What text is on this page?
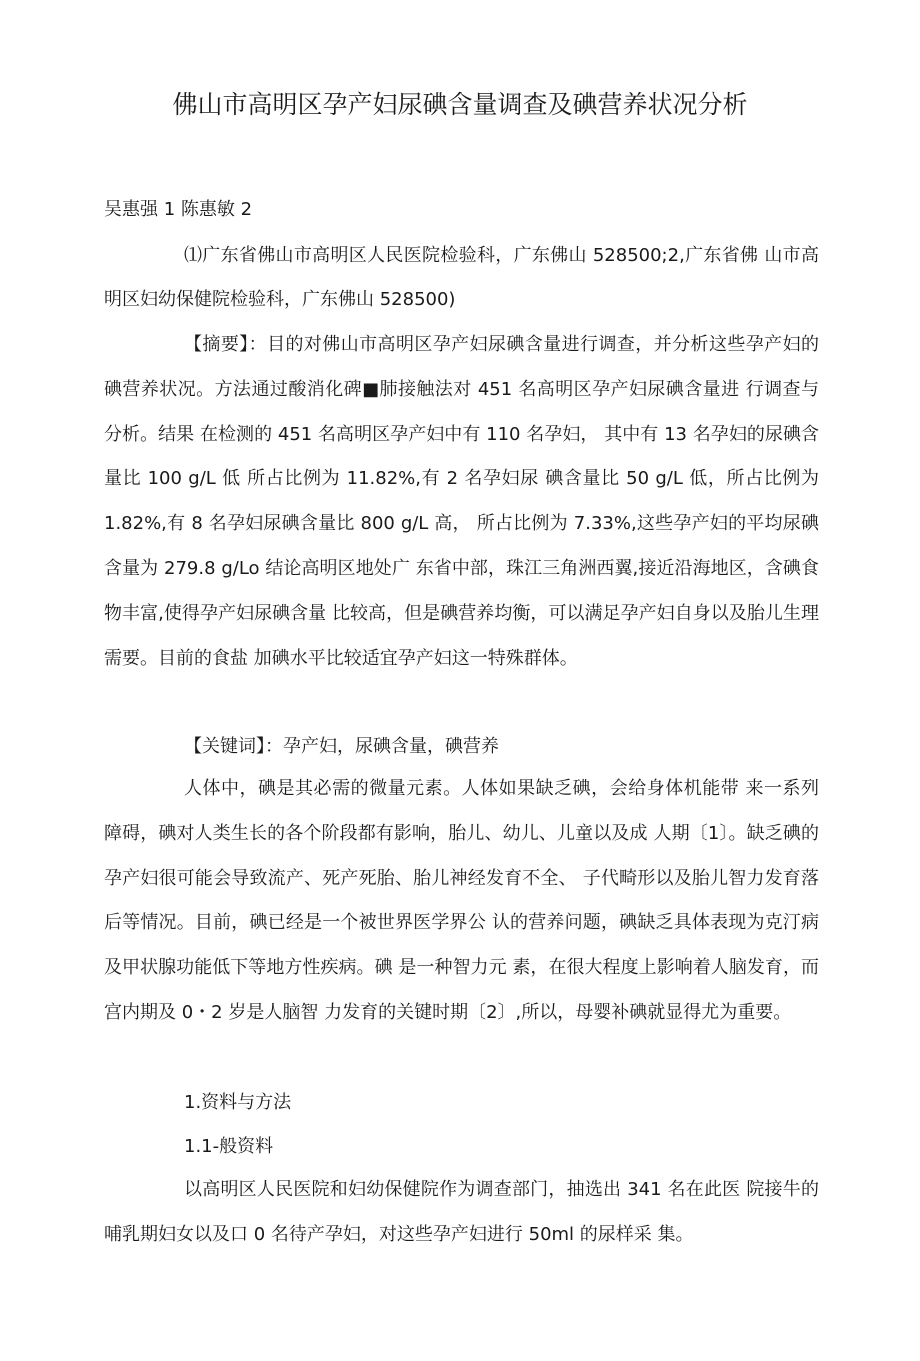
佛山市高明区孕产妇尿碘含量调查及碘营养状况分析
吴惠强 1 陈惠敏 2
⑴广东省佛山市高明区人民医院检验科，广东佛山 528500;2,广东省佛 山市高明区妇幼保健院检验科，广东佛山 528500)
【摘要】：目的对佛山市高明区孕产妇尿碘含量进行调查，并分析这些孕产妇的碘营养状况。方法通过酸消化碑■肺接触法对 451 名高明区孕产妇尿碘含量进 行调查与分析。结果 在检测的 451 名高明区孕产妇中有 110 名孕妇， 其中有 13 名孕妇的尿碘含量比 100 g/L 低 所占比例为 11.82%,有 2 名孕妇尿 碘含量比 50 g/L 低，所占比例为 1.82%,有 8 名孕妇尿碘含量比 800 g/L 高， 所占比例为 7.33%,这些孕产妇的平均尿碘含量为 279.8 g/Lo 结论高明区地处广 东省中部，珠江三角洲西翼,接近沿海地区，含碘食物丰富,使得孕产妇尿碘含量 比较高，但是碘营养均衡，可以满足孕产妇自身以及胎儿生理需要。目前的食盐 加碘水平比较适宜孕产妇这一特殊群体。
【关键词】：孕产妇，尿碘含量，碘营养
人体中，碘是其必需的微量元素。人体如果缺乏碘，会给身体机能带 来一系列障碍，碘对人类生长的各个阶段都有影响，胎儿、幼儿、儿童以及成 人期〔1〕。缺乏碘的孕产妇很可能会导致流产、死产死胎、胎儿神经发育不全、 子代畸形以及胎儿智力发育落后等情况。目前，碘已经是一个被世界医学界公 认的营养问题，碘缺乏具体表现为克汀病及甲状腺功能低下等地方性疾病。碘 是一种智力元 素，在很大程度上影响着人脑发育，而宫内期及 0・2 岁是人脑智 力发育的关键时期〔2〕,所以，母婴补碘就显得尤为重要。
1.资料与方法
1.1-般资料
以高明区人民医院和妇幼保健院作为调查部门，抽选出 341 名在此医 院接牛的哺乳期妇女以及口 0 名待产孕妇，对这些孕产妇进行 50ml 的尿样采 集。
